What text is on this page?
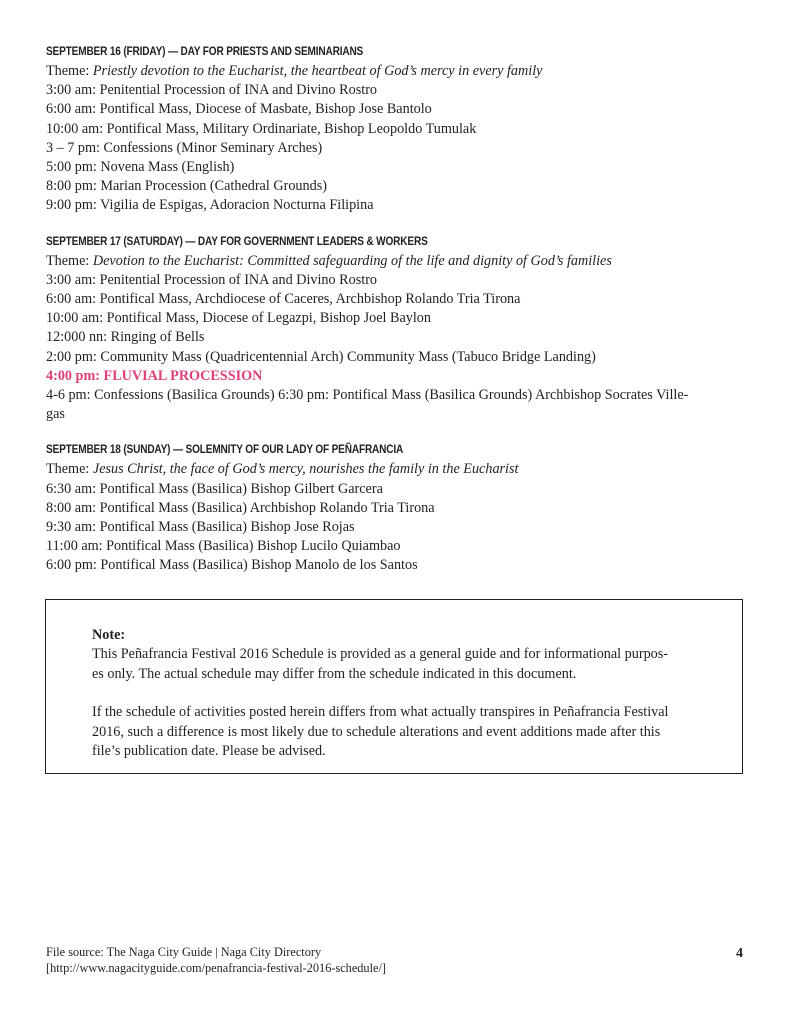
SEPTEMBER 16 (FRIDAY) — DAY FOR PRIESTS AND SEMINARIANS
Theme: Priestly devotion to the Eucharist, the heartbeat of God’s mercy in every family
3:00 am: Penitential Procession of INA and Divino Rostro
6:00 am: Pontifical Mass, Diocese of Masbate, Bishop Jose Bantolo
10:00 am: Pontifical Mass, Military Ordinariate, Bishop Leopoldo Tumulak
3 – 7 pm: Confessions (Minor Seminary Arches)
5:00 pm: Novena Mass (English)
8:00 pm: Marian Procession (Cathedral Grounds)
9:00 pm: Vigilia de Espigas, Adoracion Nocturna Filipina
SEPTEMBER 17 (SATURDAY) — DAY FOR GOVERNMENT LEADERS & WORKERS
Theme: Devotion to the Eucharist: Committed safeguarding of the life and dignity of God’s families
3:00 am: Penitential Procession of INA and Divino Rostro
6:00 am: Pontifical Mass, Archdiocese of Caceres, Archbishop Rolando Tria Tirona
10:00 am: Pontifical Mass, Diocese of Legazpi, Bishop Joel Baylon
12:000 nn: Ringing of Bells
2:00 pm: Community Mass (Quadricentennial Arch) Community Mass (Tabuco Bridge Landing)
4:00 pm: FLUVIAL PROCESSION
4-6 pm: Confessions (Basilica Grounds) 6:30 pm: Pontifical Mass (Basilica Grounds) Archbishop Socrates Ville-
gas
SEPTEMBER 18 (SUNDAY) — SOLEMNITY OF OUR LADY OF PEÑAFRANCIA
Theme: Jesus Christ, the face of God’s mercy, nourishes the family in the Eucharist
6:30 am: Pontifical Mass (Basilica) Bishop Gilbert Garcera
8:00 am: Pontifical Mass (Basilica) Archbishop Rolando Tria Tirona
9:30 am: Pontifical Mass (Basilica) Bishop Jose Rojas
11:00 am: Pontifical Mass (Basilica) Bishop Lucilo Quiambao
6:00 pm: Pontifical Mass (Basilica) Bishop Manolo de los Santos
Note:

This Peñafrancia Festival 2016 Schedule is provided as a general guide and for informational purpos-
es only. The actual schedule may differ from the schedule indicated in this document.

If the schedule of activities posted herein differs from what actually transpires in Peñafrancia Festival
2016, such a difference is most likely due to schedule alterations and event additions made after this
file’s publication date. Please be advised.

File source: The Naga City Guide | Naga City Directory
[http://www.nagacityguide.com/penafrancia-festival-2016-schedule/]
4
